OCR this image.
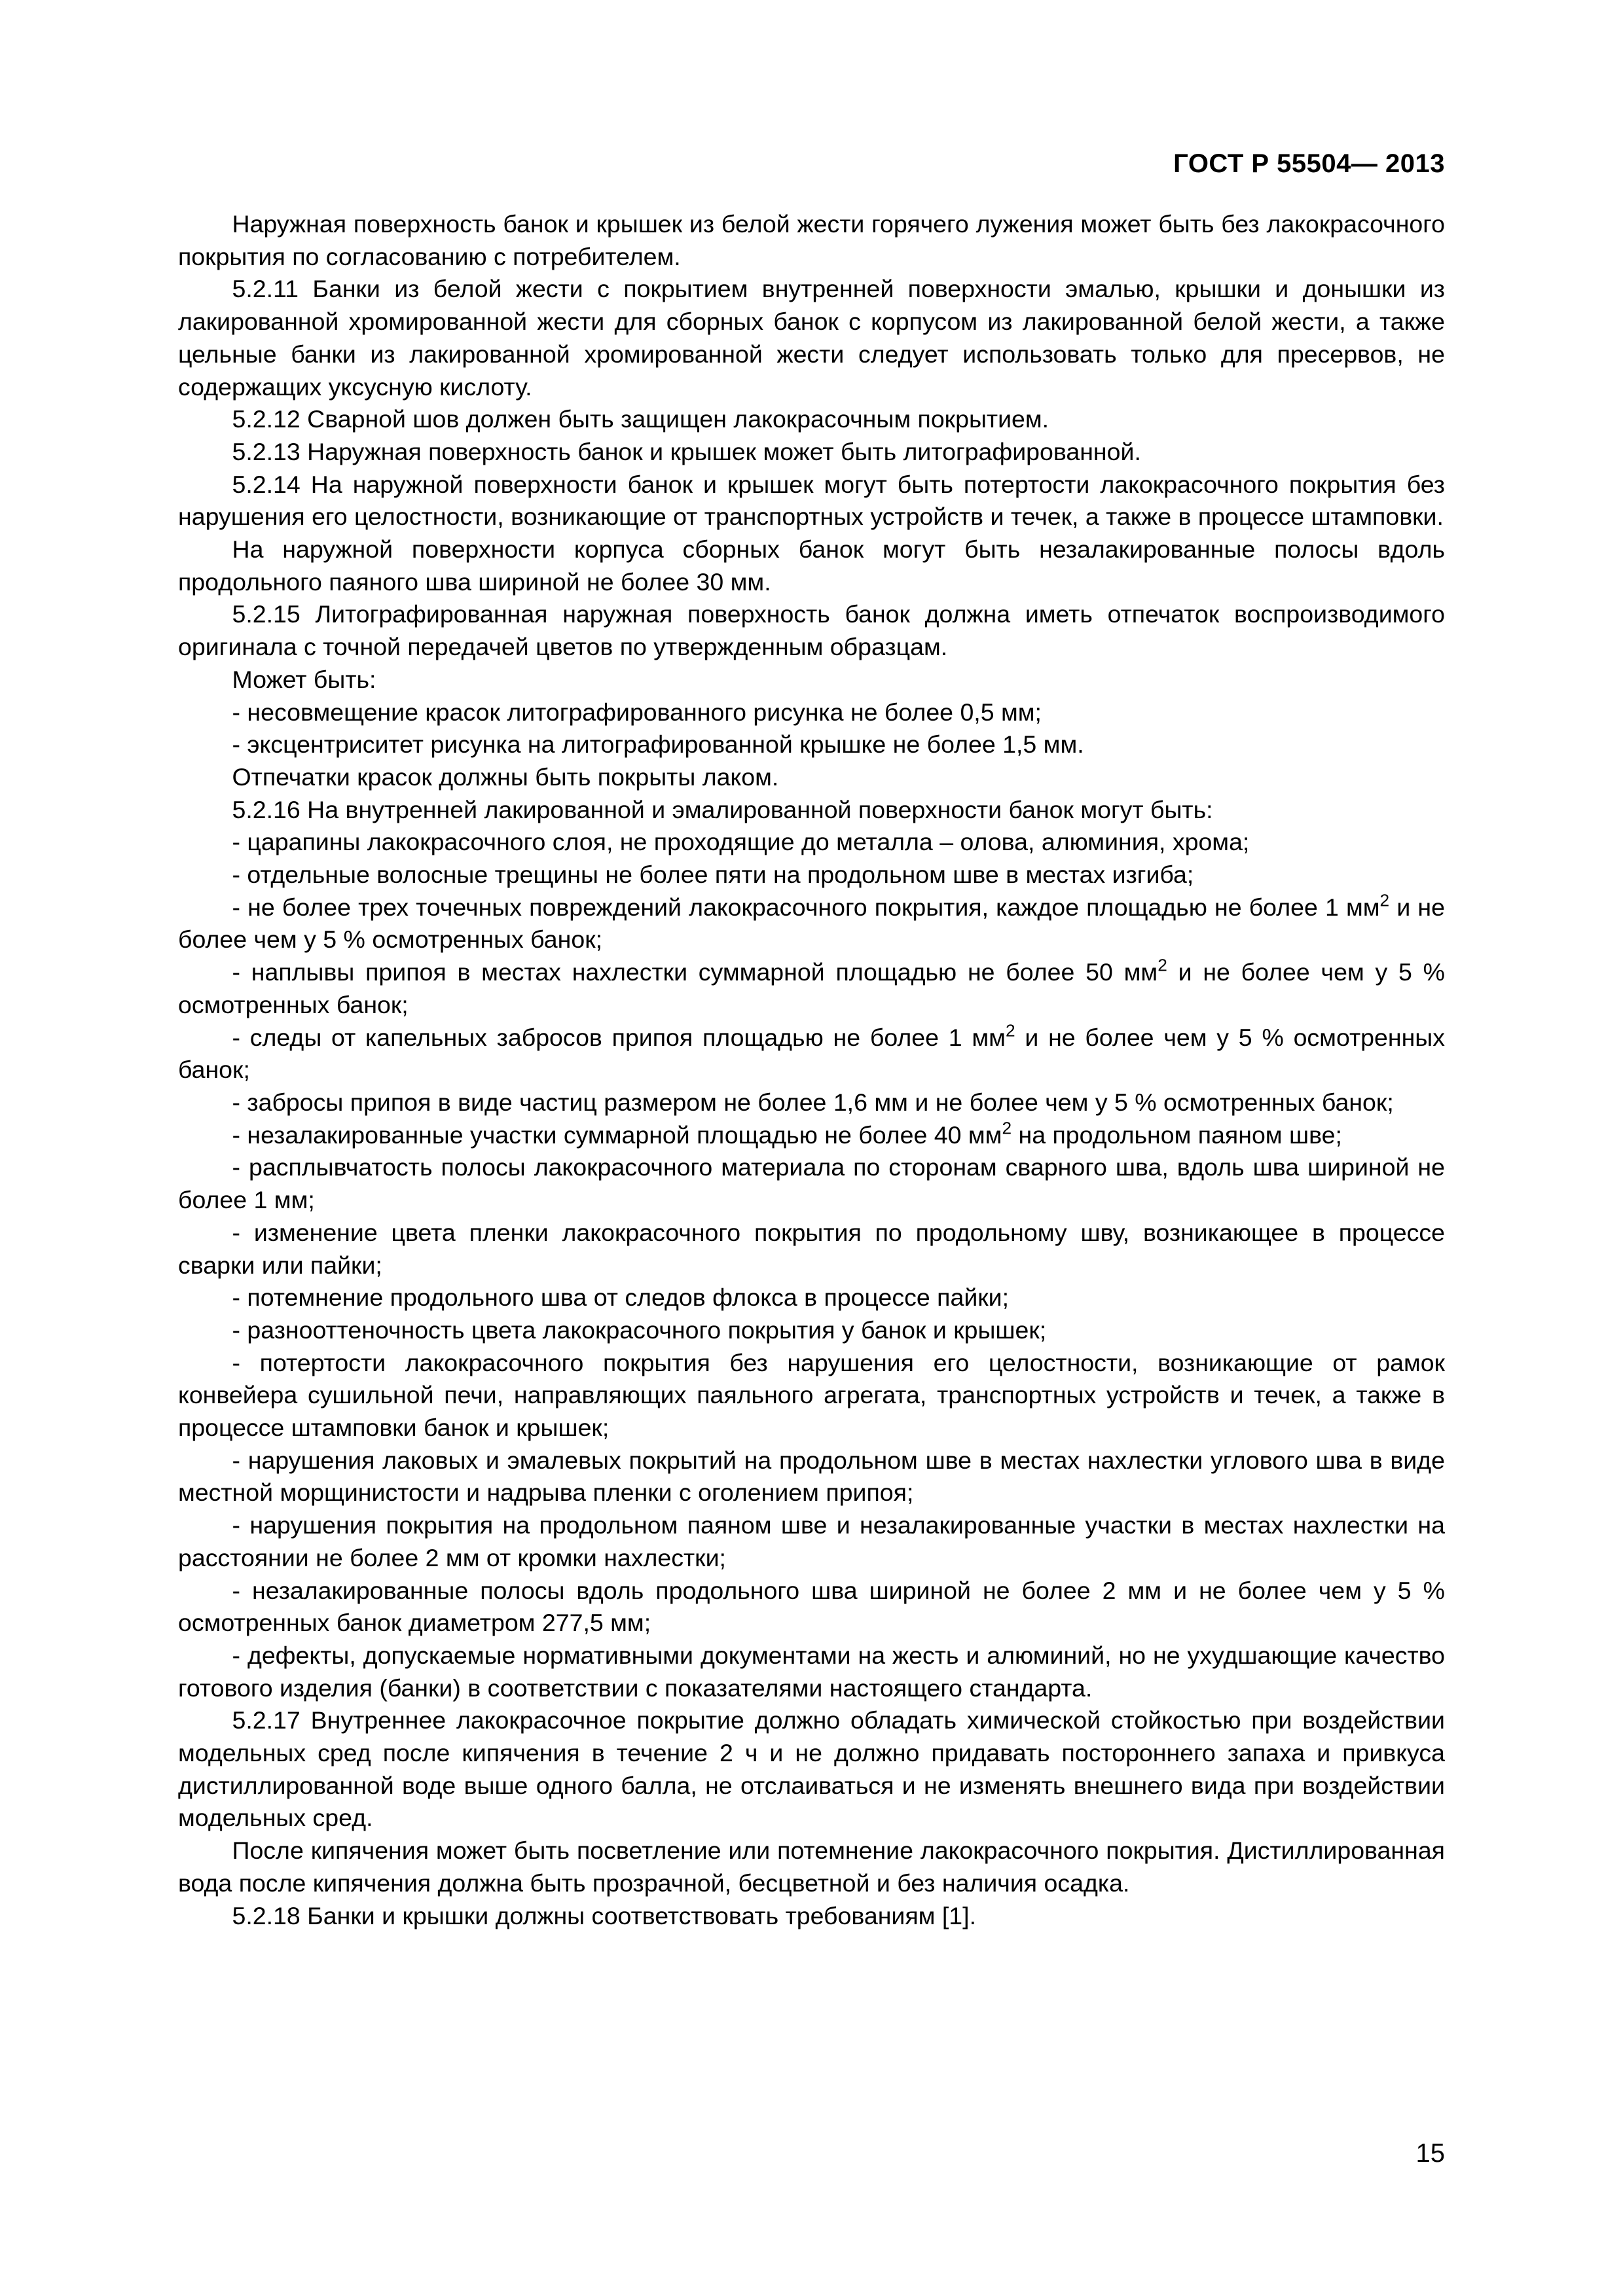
ГОСТ Р 55504— 2013

Наружная поверхность банок и крышек из белой жести горячего лужения может быть без лакокрасочного покрытия по согласованию с потребителем.

5.2.11 Банки из белой жести с покрытием внутренней поверхности эмалью, крышки и донышки из лакированной хромированной жести для сборных банок с корпусом из лакированной белой жести, а также цельные банки из лакированной хромированной жести следует использовать только для пресервов, не содержащих уксусную кислоту.

5.2.12 Сварной шов должен быть защищен лакокрасочным покрытием.

5.2.13 Наружная поверхность банок и крышек может быть литографированной.

5.2.14 На наружной поверхности банок и крышек могут быть потертости лакокрасочного покрытия без нарушения его целостности, возникающие от транспортных устройств и течек, а также в процессе штамповки.

На наружной поверхности корпуса сборных банок могут быть незалакированные полосы вдоль продольного паяного шва шириной не более 30 мм.

5.2.15 Литографированная наружная поверхность банок должна иметь отпечаток воспроизводимого оригинала с точной передачей цветов по утвержденным образцам.

Может быть:

- несовмещение красок литографированного рисунка не более 0,5 мм;

- эксцентриситет рисунка на литографированной крышке не более 1,5 мм.

Отпечатки красок должны быть покрыты лаком.

5.2.16 На внутренней лакированной и эмалированной поверхности банок могут быть:

- царапины лакокрасочного слоя, не проходящие до металла – олова, алюминия, хрома;

- отдельные волосные трещины не более пяти на продольном шве в местах изгиба;

- не более трех точечных повреждений лакокрасочного покрытия, каждое площадью не более 1 $мм^2$ и не более чем у 5 % осмотренных банок;

- наплывы припоя в местах нахлестки суммарной площадью не более 50 $мм^2$ и не более чем у 5 % осмотренных банок;

- следы от капельных забросов припоя площадью не более 1 $мм^2$ и не более чем у 5 % осмотренных банок;

- забросы припоя в виде частиц размером не более 1,6 мм и не более чем у 5 % осмотренных банок;

- незалакированные участки суммарной площадью не более 40 $мм^2$ на продольном паяном шве;

- расплывчатость полосы лакокрасочного материала по сторонам сварного шва, вдоль шва шириной не более 1 мм;

- изменение цвета пленки лакокрасочного покрытия по продольному шву, возникающее в процессе сварки или пайки;

- потемнение продольного шва от следов флокса в процессе пайки;

- разнооттеночность цвета лакокрасочного покрытия у банок и крышек;

- потертости лакокрасочного покрытия без нарушения его целостности, возникающие от рамок конвейера сушильной печи, направляющих паяльного агрегата, транспортных устройств и течек, а также в процессе штамповки банок и крышек;

- нарушения лаковых и эмалевых покрытий на продольном шве в местах нахлестки углового шва в виде местной морщинистости и надрыва пленки с оголением припоя;

- нарушения покрытия на продольном паяном шве и незалакированные участки в местах нахлестки на расстоянии не более 2 мм от кромки нахлестки;

- незалакированные полосы вдоль продольного шва шириной не более 2 мм и не более чем у 5 % осмотренных банок диаметром 277,5 мм;

- дефекты, допускаемые нормативными документами на жесть и алюминий, но не ухудшающие качество готового изделия (банки) в соответствии с показателями настоящего стандарта.

5.2.17 Внутреннее лакокрасочное покрытие должно обладать химической стойкостью при воздействии модельных сред после кипячения в течение 2 ч и не должно придавать постороннего запаха и привкуса дистиллированной воде выше одного балла, не отслаиваться и не изменять внешнего вида при воздействии модельных сред.

После кипячения может быть посветление или потемнение лакокрасочного покрытия. Дистиллированная вода после кипячения должна быть прозрачной, бесцветной и без наличия осадка.

5.2.18 Банки и крышки должны соответствовать требованиям [1].

15
